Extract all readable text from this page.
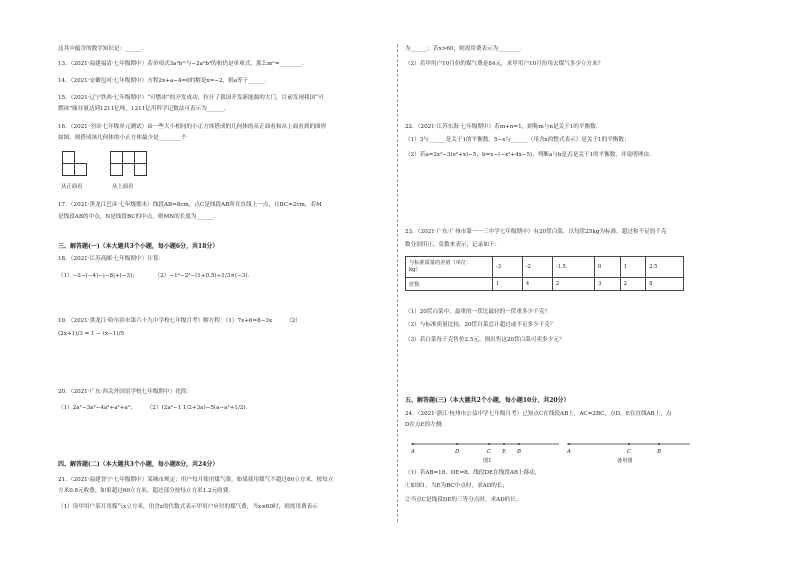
这其中蕴含的数学知识是：______.
13．（2021·福建福清·七年级期中）若单项式3a²bᵐ与−2aⁿb³的和仍是单项式，那么mⁿ=________.
14．（2021·安徽包河·七年级期中）方程2x+a−4=0的解是x=−2，则a等于______.
15．（2021·辽宁铁西·七年级期中）“可燃冰”的开发成功，拉开了我国开发新能源的大门，目前发现我国“可
燃冰”储存量达到1211亿吨，1211亿用科学记数法可表示为______.
16．（2021·全国·七年级单元测试）由一些大小相同的小正方体搭成的几何体的从正面看和从上面看到的图形
如图，则搭成该几何体的小正方体最少是________个
从正面看	从上面看
17．（2021·黑龙江巴彦·七年级期末）线段AB=8cm，点C是线段AB所在直线上一点，且BC=2cm，若M
是线段AB的中点，N是线段BC的中点，则MN的长度为______.
三、解答题(一)（本大题共3个小题，每小题6分，共18分）
18．（2021·江苏高邮·七年级期中）计算：
（1）−2−(−4)−|−8|+(−3)；　　　　（2）−1⁴−2³−(1+0.5)÷1/3×(−3)．
19．（2021·黑龙江·哈尔滨市第六十九中学校七年级月考）解方程：（1）7x+6=8−3x　　　（2）
(2x+1)/3 = 1 − (x−1)/5
20．（2021·广东·西关外国语学校七年级期中）化简：
（1）2a²−3a²−4a³+a²+a³；　　　（2）(2a²−1 1/2+3a)−5(a−a²+1/2)．
四、解答题(二)（本大题共3个小题，每小题8分，共24分）
21．（2021·福建晋宁·七年级期中）某城市规定：用户每月使用煤气费，如果使用煤气不超过60立方米，按每立
方米0.8元收费，如果超过60立方米，超过部分按每立方米1.2元收费．
（1）设甲用户某月用煤气x立方米，用含x的代数式表示甲用户应付的煤气费，当x≤60时，则需用费表示
为______；若x>60，则需用费表示为________.
（2）若甲用户10月份的煤气费是84元，求甲用户10月份用去煤气多少立方米？
22．（2021·江苏东海·七年级期中）若m+n=1，则称m与n是关于1的平衡数．
（1）3与______是关于1的平衡数，5−x与______（用含x的整式表示）是关于1的平衡数；
（2）若a=2x²−3(x²+x)−5，b=x−(−x²+4x−5)，判断a与b是否是关于1的平衡数，并说明理由．
23．（2021·广东·广州市第一一三中学七年级期中）有20筐白菜，以每筐25kg为标准，超过和不足的千克
数分别用正、负数来表示，记录如下：
与标准质量的差值（单位：
kg）	-3	-2	-1.5	0	1	2.5
筐数	1	4	2	3	2	8
（1）20筐白菜中，最重的一筐比最轻的一筐重多少千克？
（2）与标准质量比较，20筐白菜总计超过或不足多少千克？
（3）若白菜每千克售价2.5元，则出售这20筐白菜可卖多少元？
五、解答题(三)（本大题共2个小题，每小题10分，共20分）
24．（2021·浙江·杭州市公益中学七年级月考）已知点C在线段AB上，AC=2BC，点D、E在直线AB上，点
D在点E的左侧．
A	D	C E B
图1
A	C	B
备用图
（1）若AB=18，DE=8，线段DE在线段AB上移动，
①如图1，当E为BC中点时，求AD的长；
②当点C是线段DE的三等分点时，求AD的长；
